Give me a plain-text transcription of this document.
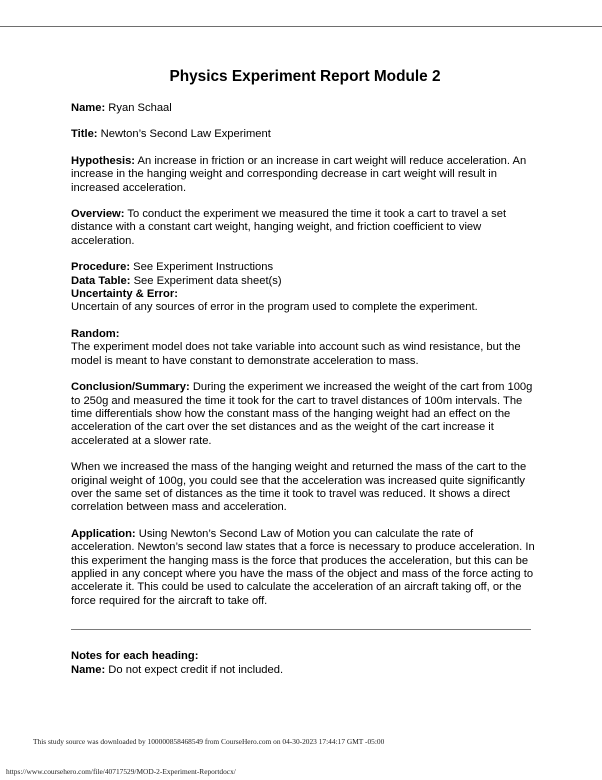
Physics Experiment Report Module 2

Name: Ryan Schaal

Title: Newton’s Second Law Experiment

Hypothesis: An increase in friction or an increase in cart weight will reduce acceleration. An increase in the hanging weight and corresponding decrease in cart weight will result in increased acceleration.

Overview: To conduct the experiment we measured the time it took a cart to travel a set distance with a constant cart weight, hanging weight, and friction coefficient to view acceleration.

Procedure: See Experiment Instructions

Data Table: See Experiment data sheet(s)

Uncertainty & Error:

Uncertain of any sources of error in the program used to complete the experiment.

Random:

The experiment model does not take variable into account such as wind resistance, but the model is meant to have constant to demonstrate acceleration to mass.

Conclusion/Summary: During the experiment we increased the weight of the cart from 100g to 250g and measured the time it took for the cart to travel distances of 100m intervals. The time differentials show how the constant mass of the hanging weight had an effect on the acceleration of the cart over the set distances and as the weight of the cart increase it accelerated at a slower rate.

When we increased the mass of the hanging weight and returned the mass of the cart to the original weight of 100g, you could see that the acceleration was increased quite significantly over the same set of distances as the time it took to travel was reduced. It shows a direct correlation between mass and acceleration.

Application: Using Newton’s Second Law of Motion you can calculate the rate of acceleration. Newton’s second law states that a force is necessary to produce acceleration. In this experiment the hanging mass is the force that produces the acceleration, but this can be applied in any concept where you have the mass of the object and mass of the force acting to accelerate it. This could be used to calculate the acceleration of an aircraft taking off, or the force required for the aircraft to take off.

Notes for each heading:

Name: Do not expect credit if not included.

This study source was downloaded by 100000858468549 from CourseHero.com on 04-30-2023 17:44:17 GMT -05:00
https://www.coursehero.com/file/40717529/MOD-2-Experiment-Reportdocx/
